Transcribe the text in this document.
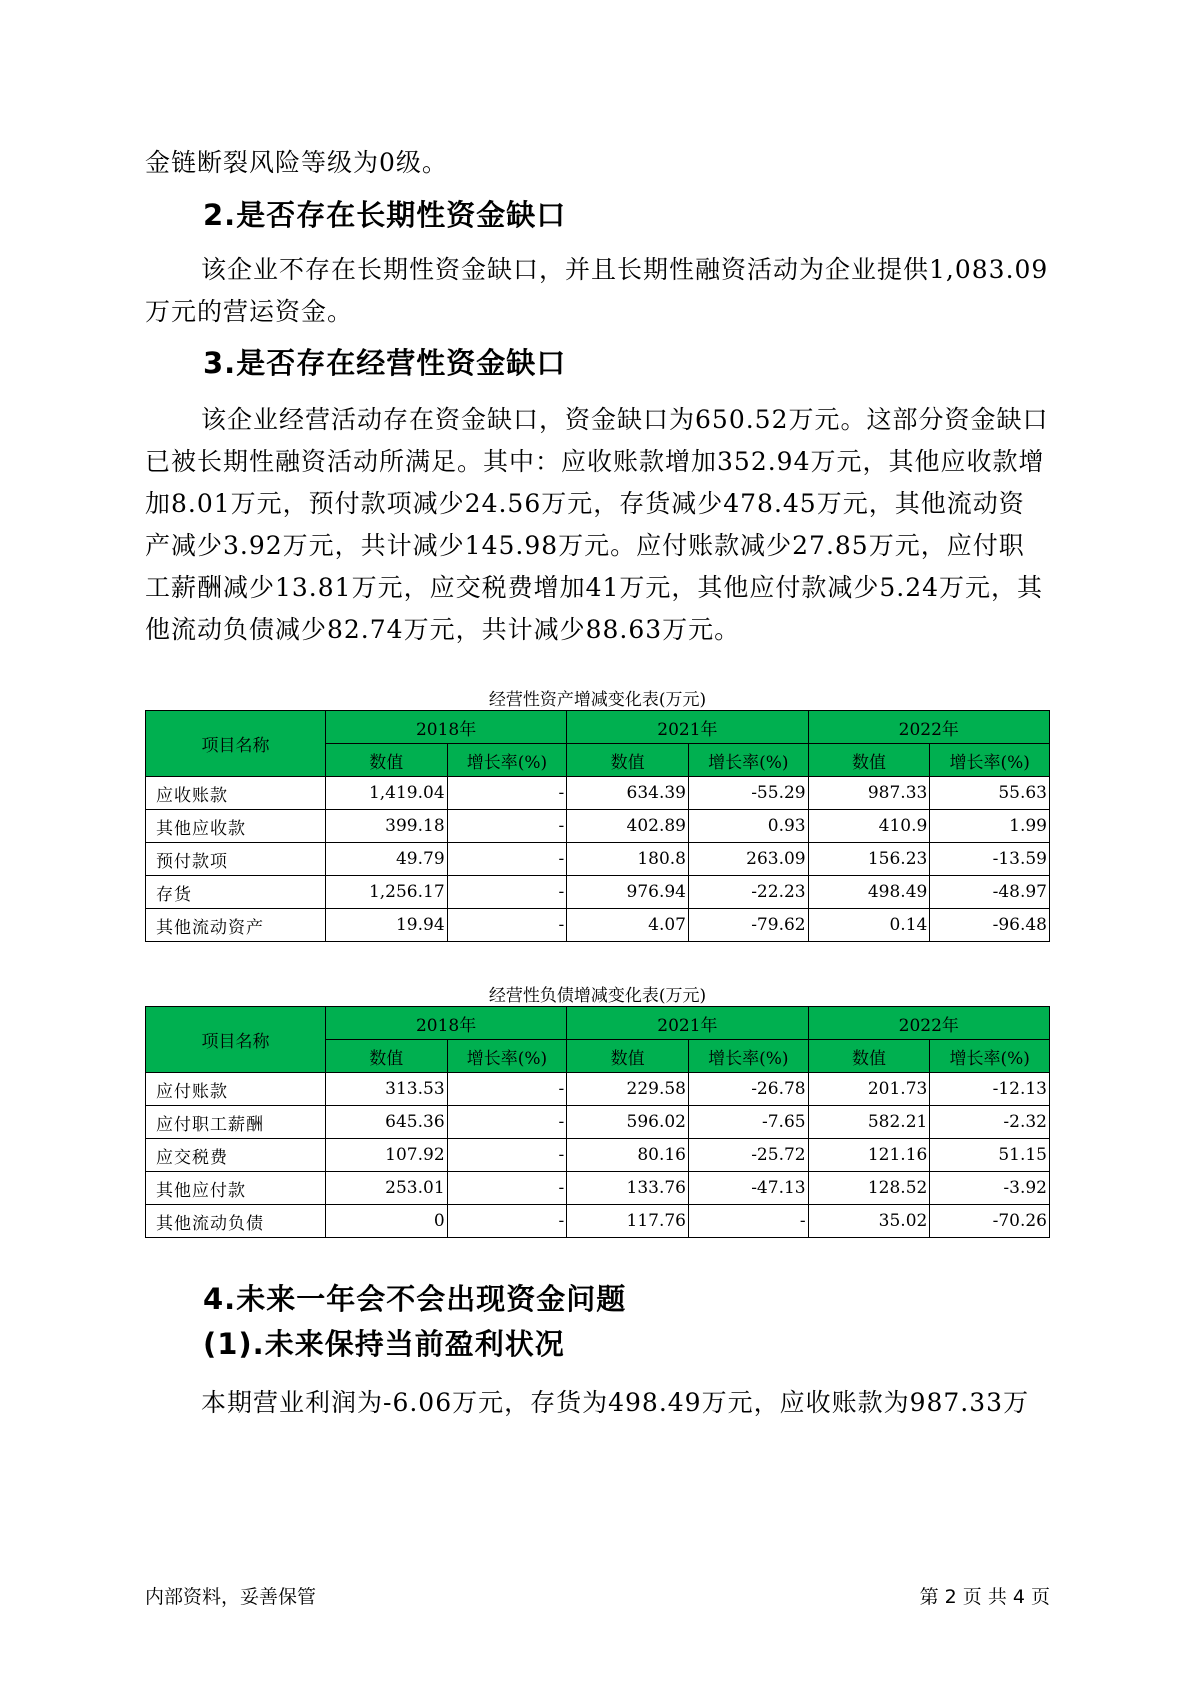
金链断裂风险等级为0级。

2.是否存在长期性资金缺口

该企业不存在长期性资金缺口，并且长期性融资活动为企业提供1,083.09万元的营运资金。

3.是否存在经营性资金缺口

该企业经营活动存在资金缺口，资金缺口为650.52万元。这部分资金缺口已被长期性融资活动所满足。其中：应收账款增加352.94万元，其他应收款增加8.01万元，预付款项减少24.56万元，存货减少478.45万元，其他流动资产减少3.92万元，共计减少145.98万元。应付账款减少27.85万元，应付职工薪酬减少13.81万元，应交税费增加41万元，其他应付款减少5.24万元，其他流动负债减少82.74万元，共计减少88.63万元。

经营性资产增减变化表(万元)

项目名称	2018年		2021年		2022年	
	数值	增长率(%)	数值	增长率(%)	数值	增长率(%)
应收账款	1,419.04	-	634.39	-55.29	987.33	55.63
其他应收款	399.18	-	402.89	0.93	410.9	1.99
预付款项	49.79	-	180.8	263.09	156.23	-13.59
存货	1,256.17	-	976.94	-22.23	498.49	-48.97
其他流动资产	19.94	-	4.07	-79.62	0.14	-96.48

经营性负债增减变化表(万元)

项目名称	2018年		2021年		2022年	
	数值	增长率(%)	数值	增长率(%)	数值	增长率(%)
应付账款	313.53	-	229.58	-26.78	201.73	-12.13
应付职工薪酬	645.36	-	596.02	-7.65	582.21	-2.32
应交税费	107.92	-	80.16	-25.72	121.16	51.15
其他应付款	253.01	-	133.76	-47.13	128.52	-3.92
其他流动负债	0	-	117.76	-	35.02	-70.26
4.未来一年会不会出现资金问题
(1).未来保持当前盈利状况

本期营业利润为-6.06万元，存货为498.49万元，应收账款为987.33万

内部资料，妥善保管	第 2 页 共 4 页
